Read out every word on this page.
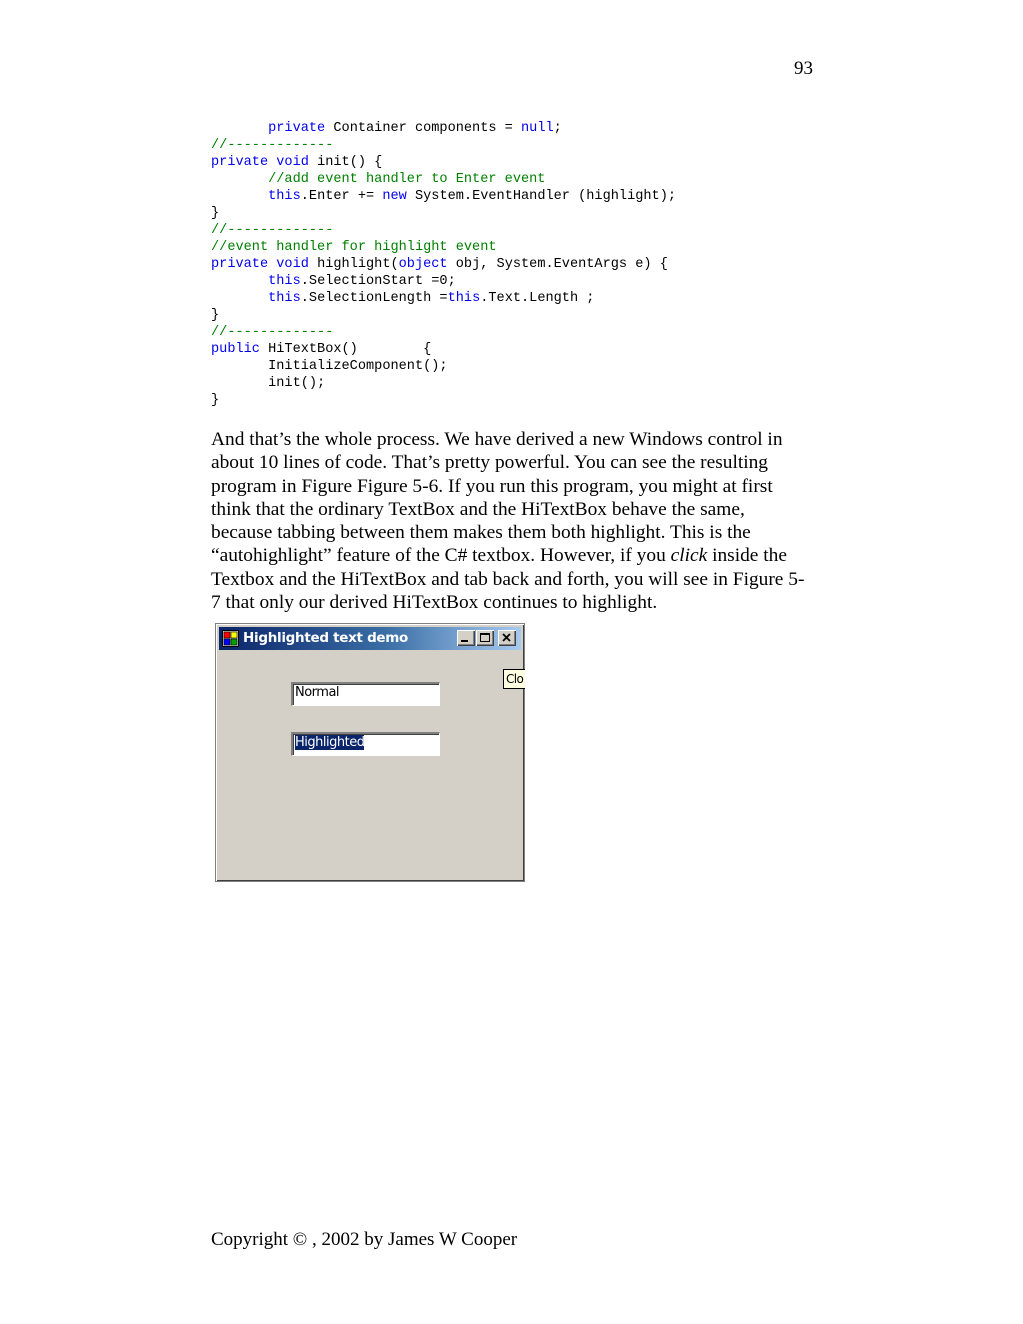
93
private Container components = null;
//-------------
private void init() {
//add event handler to Enter event
this.Enter += new System.EventHandler (highlight);
}
//-------------
//event handler for highlight event
private void highlight(object obj, System.EventArgs e) {
this.SelectionStart =0;
this.SelectionLength =this.Text.Length ;
}
//-------------
public HiTextBox()        {
InitializeComponent();
init();
}

And that’s the whole process. We have derived a new Windows control in about 10 lines of code. That’s pretty powerful. You can see the resulting program in Figure Figure 5-6. If you run this program, you might at first think that the ordinary TextBox and the HiTextBox behave the same, because tabbing between them makes them both highlight. This is the “autohighlight” feature of the C# textbox. However, if you click inside the Textbox and the HiTextBox and tab back and forth, you will see in Figure 5-7 that only our derived HiTextBox continues to highlight.

Highlighted text demo
Normal
Highlighted
Clo
Copyright © , 2002 by James W Cooper
